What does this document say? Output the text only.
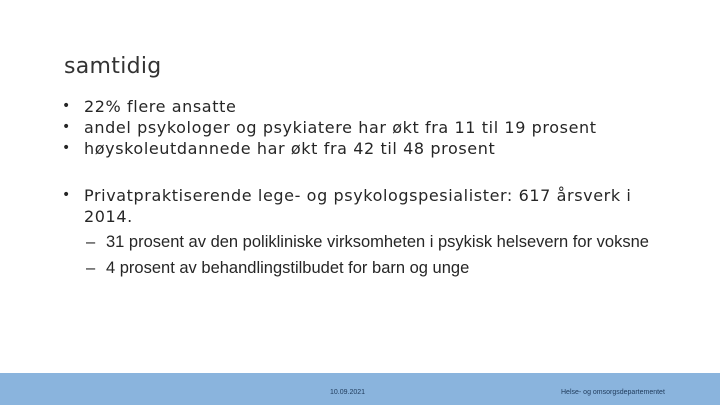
samtidig
• 22% flere ansatte
• andel psykologer og psykiatere har økt fra 11 til 19 prosent
• høyskoleutdannede har økt fra 42 til 48 prosent
• Privatpraktiserende lege- og psykologspesialister: 617 årsverk i 2014.
– 31 prosent av den polikliniske virksomheten i psykisk helsevern for voksne
– 4 prosent av behandlingstilbudet for barn og unge
10.09.2021	Helse- og omsorgsdepartementet
